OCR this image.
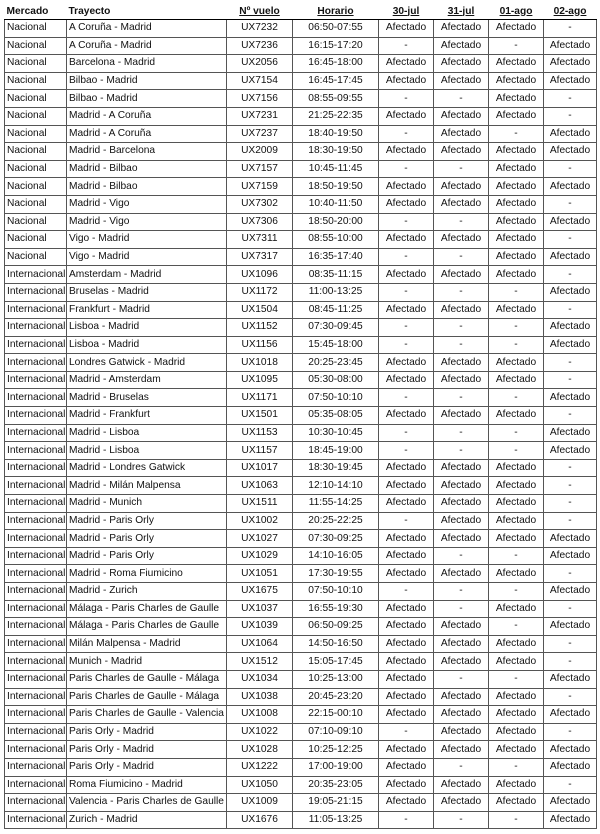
Mercado	Trayecto	Nº vuelo	Horario	30-jul	31-jul	01-ago	02-ago
Nacional	A Coruña - Madrid	UX7232	06:50-07:55	Afectado	Afectado	Afectado	-
Nacional	A Coruña - Madrid	UX7236	16:15-17:20	-	Afectado	-	Afectado
Nacional	Barcelona - Madrid	UX2056	16:45-18:00	Afectado	Afectado	Afectado	Afectado
Nacional	Bilbao - Madrid	UX7154	16:45-17:45	Afectado	Afectado	Afectado	Afectado
Nacional	Bilbao - Madrid	UX7156	08:55-09:55	-	-	Afectado	-
Nacional	Madrid - A Coruña	UX7231	21:25-22:35	Afectado	Afectado	Afectado	-
Nacional	Madrid - A Coruña	UX7237	18:40-19:50	-	Afectado	-	Afectado
Nacional	Madrid - Barcelona	UX2009	18:30-19:50	Afectado	Afectado	Afectado	Afectado
Nacional	Madrid - Bilbao	UX7157	10:45-11:45	-	-	Afectado	-
Nacional	Madrid - Bilbao	UX7159	18:50-19:50	Afectado	Afectado	Afectado	Afectado
Nacional	Madrid - Vigo	UX7302	10:40-11:50	Afectado	Afectado	Afectado	-
Nacional	Madrid - Vigo	UX7306	18:50-20:00	-	-	Afectado	Afectado
Nacional	Vigo - Madrid	UX7311	08:55-10:00	Afectado	Afectado	Afectado	-
Nacional	Vigo - Madrid	UX7317	16:35-17:40	-	-	Afectado	Afectado
Internacional	Amsterdam - Madrid	UX1096	08:35-11:15	Afectado	Afectado	Afectado	-
Internacional	Bruselas - Madrid	UX1172	11:00-13:25	-	-	-	Afectado
Internacional	Frankfurt - Madrid	UX1504	08:45-11:25	Afectado	Afectado	Afectado	-
Internacional	Lisboa - Madrid	UX1152	07:30-09:45	-	-	-	Afectado
Internacional	Lisboa - Madrid	UX1156	15:45-18:00	-	-	-	Afectado
Internacional	Londres Gatwick - Madrid	UX1018	20:25-23:45	Afectado	Afectado	Afectado	-
Internacional	Madrid - Amsterdam	UX1095	05:30-08:00	Afectado	Afectado	Afectado	-
Internacional	Madrid - Bruselas	UX1171	07:50-10:10	-	-	-	Afectado
Internacional	Madrid - Frankfurt	UX1501	05:35-08:05	Afectado	Afectado	Afectado	-
Internacional	Madrid - Lisboa	UX1153	10:30-10:45	-	-	-	Afectado
Internacional	Madrid - Lisboa	UX1157	18:45-19:00	-	-	-	Afectado
Internacional	Madrid - Londres Gatwick	UX1017	18:30-19:45	Afectado	Afectado	Afectado	-
Internacional	Madrid - Milán Malpensa	UX1063	12:10-14:10	Afectado	Afectado	Afectado	-
Internacional	Madrid - Munich	UX1511	11:55-14:25	Afectado	Afectado	Afectado	-
Internacional	Madrid - Paris Orly	UX1002	20:25-22:25	-	Afectado	Afectado	-
Internacional	Madrid - Paris Orly	UX1027	07:30-09:25	Afectado	Afectado	Afectado	Afectado
Internacional	Madrid - Paris Orly	UX1029	14:10-16:05	Afectado	-	-	Afectado
Internacional	Madrid - Roma Fiumicino	UX1051	17:30-19:55	Afectado	Afectado	Afectado	-
Internacional	Madrid - Zurich	UX1675	07:50-10:10	-	-	-	Afectado
Internacional	Málaga - Paris Charles de Gaulle	UX1037	16:55-19:30	Afectado	-	Afectado	-
Internacional	Málaga - Paris Charles de Gaulle	UX1039	06:50-09:25	Afectado	Afectado	-	Afectado
Internacional	Milán Malpensa - Madrid	UX1064	14:50-16:50	Afectado	Afectado	Afectado	-
Internacional	Munich - Madrid	UX1512	15:05-17:45	Afectado	Afectado	Afectado	-
Internacional	Paris Charles de Gaulle - Málaga	UX1034	10:25-13:00	Afectado	-	-	Afectado
Internacional	Paris Charles de Gaulle - Málaga	UX1038	20:45-23:20	Afectado	Afectado	Afectado	-
Internacional	Paris Charles de Gaulle - Valencia	UX1008	22:15-00:10	Afectado	Afectado	Afectado	Afectado
Internacional	Paris Orly - Madrid	UX1022	07:10-09:10	-	Afectado	Afectado	-
Internacional	Paris Orly - Madrid	UX1028	10:25-12:25	Afectado	Afectado	Afectado	Afectado
Internacional	Paris Orly - Madrid	UX1222	17:00-19:00	Afectado	-	-	Afectado
Internacional	Roma Fiumicino - Madrid	UX1050	20:35-23:05	Afectado	Afectado	Afectado	-
Internacional	Valencia - Paris Charles de Gaulle	UX1009	19:05-21:15	Afectado	Afectado	Afectado	Afectado
Internacional	Zurich - Madrid	UX1676	11:05-13:25	-	-	-	Afectado
